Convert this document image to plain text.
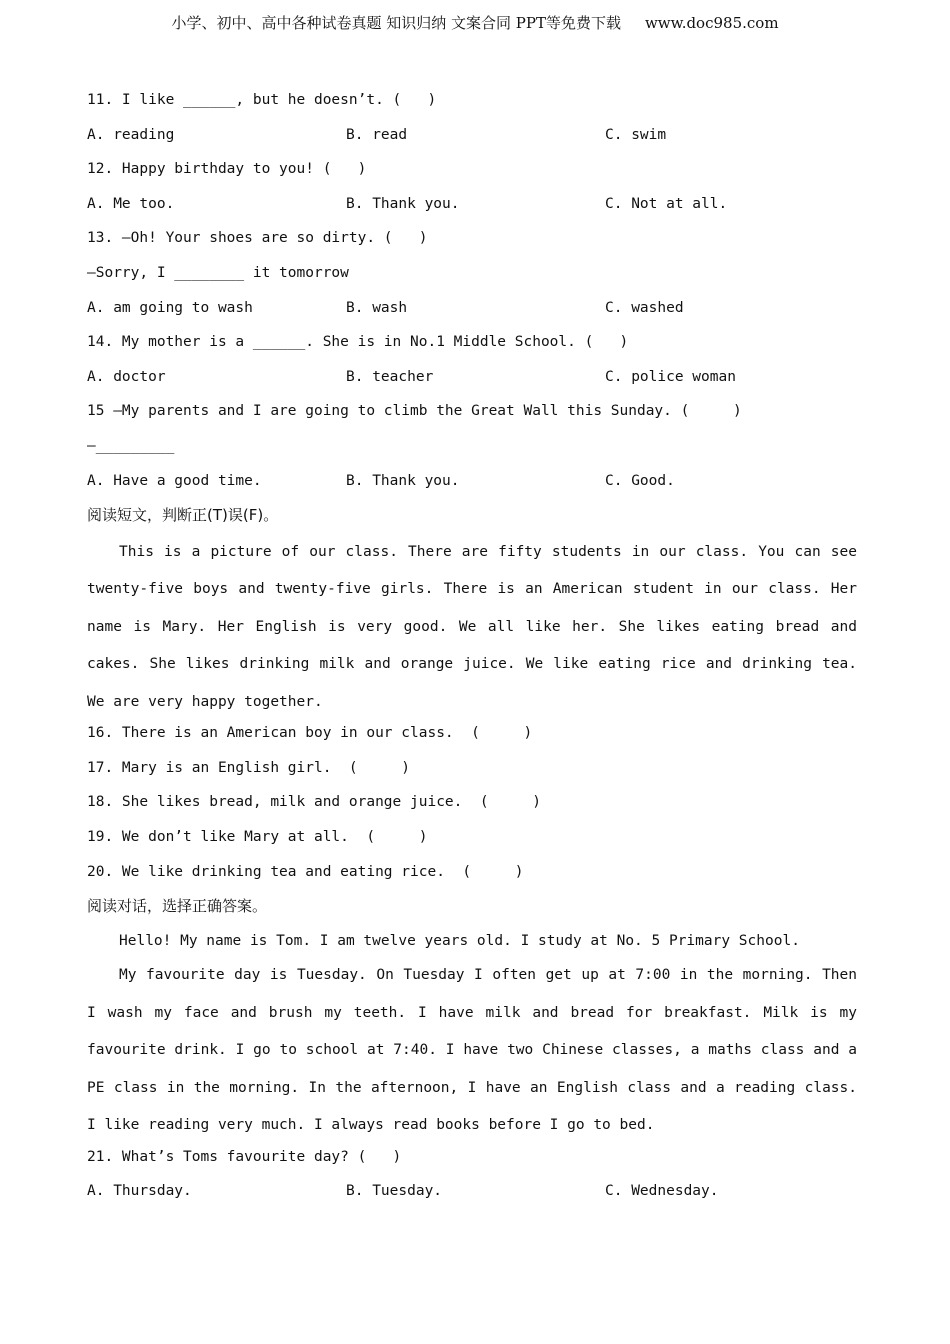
小学、初中、高中各种试卷真题 知识归纳 文案合同 PPT等免费下载 www.doc985.com
11. I like ______, but he doesn’t. (   )
A. reading	B. read	C. swim
12. Happy birthday to you! (   )
A. Me too.	B. Thank you.	C. Not at all.
13. —Oh! Your shoes are so dirty. (   )
—Sorry, I ________ it tomorrow
A. am going to wash	B. wash	C. washed
14. My mother is a ______. She is in No.1 Middle School. (   )
A. doctor	B. teacher	C. police woman
15 —My parents and I are going to climb the Great Wall this Sunday. (     )
—_________
A. Have a good time.	B. Thank you.	C. Good.
阅读短文，判断正(T)误(F)。
This is a picture of our class. There are fifty students in our class. You can see twenty-five boys and twenty-five girls. There is an American student in our class. Her name is Mary. Her English is very good. We all like her. She likes eating bread and cakes. She likes drinking milk and orange juice. We like eating rice and drinking tea. We are very happy together.
16. There is an American boy in our class.  (     )
17. Mary is an English girl.  (     )
18. She likes bread, milk and orange juice.  (     )
19. We don’t like Mary at all.  (     )
20. We like drinking tea and eating rice.  (     )
阅读对话，选择正确答案。
Hello! My name is Tom. I am twelve years old. I study at No. 5 Primary School.
My favourite day is Tuesday. On Tuesday I often get up at 7:00 in the morning. Then I wash my face and brush my teeth. I have milk and bread for breakfast. Milk is my favourite drink. I go to school at 7:40. I have two Chinese classes, a maths class and a PE class in the morning. In the afternoon, I have an English class and a reading class. I like reading very much. I always read books before I go to bed.
21. What’s Toms favourite day? (   )
A. Thursday.	B. Tuesday.	C. Wednesday.
